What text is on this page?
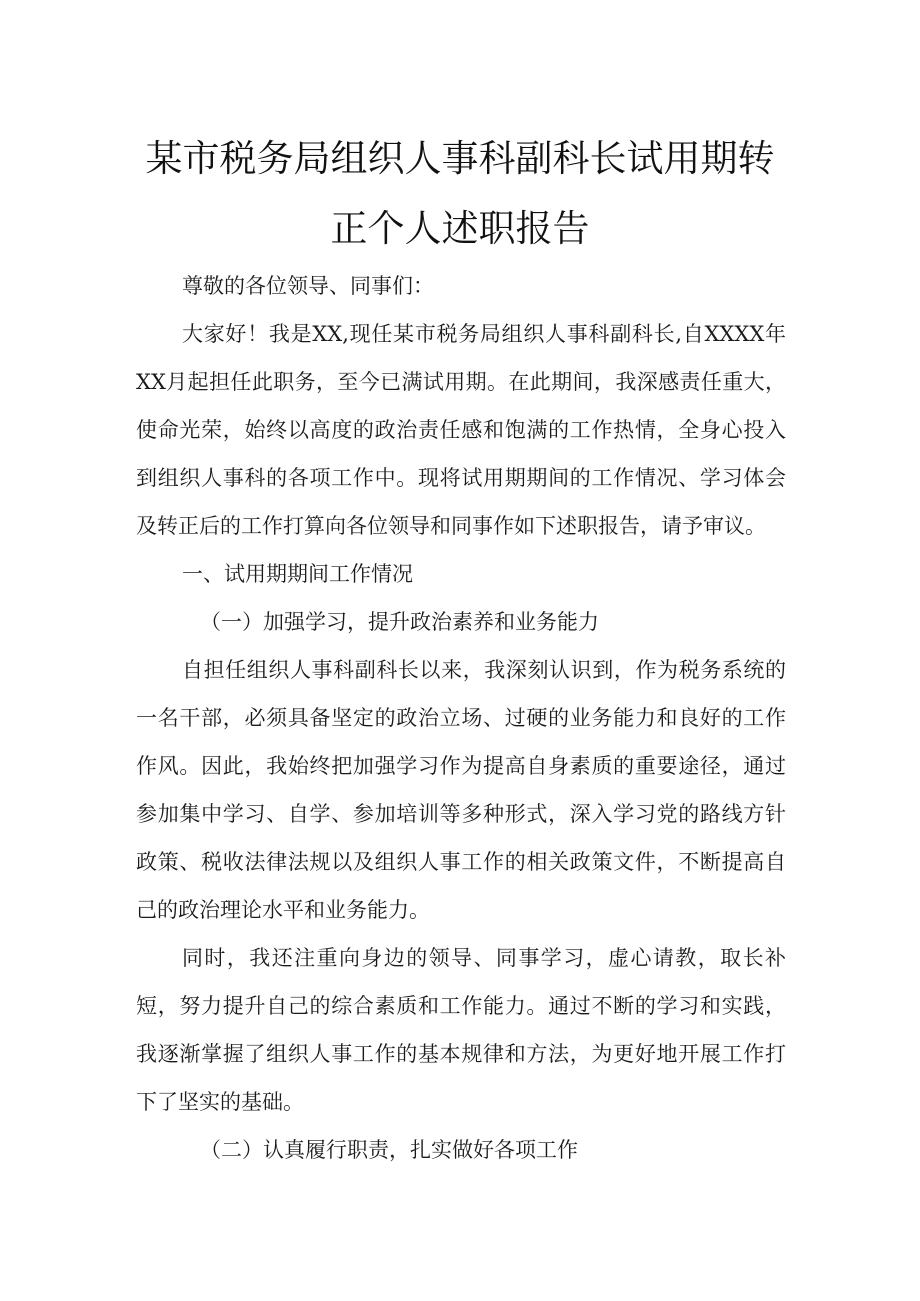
某市税务局组织人事科副科长试用期转
正个人述职报告

尊敬的各位领导、同事们：

大家好！我是XX,现任某市税务局组织人事科副科长,自XXXX年XX月起担任此职务，至今已满试用期。在此期间，我深感责任重大，使命光荣，始终以高度的政治责任感和饱满的工作热情，全身心投入到组织人事科的各项工作中。现将试用期期间的工作情况、学习体会及转正后的工作打算向各位领导和同事作如下述职报告，请予审议。

一、试用期期间工作情况

（一）加强学习，提升政治素养和业务能力

自担任组织人事科副科长以来，我深刻认识到，作为税务系统的一名干部，必须具备坚定的政治立场、过硬的业务能力和良好的工作作风。因此，我始终把加强学习作为提高自身素质的重要途径，通过参加集中学习、自学、参加培训等多种形式，深入学习党的路线方针政策、税收法律法规以及组织人事工作的相关政策文件，不断提高自己的政治理论水平和业务能力。

同时，我还注重向身边的领导、同事学习，虚心请教，取长补短，努力提升自己的综合素质和工作能力。通过不断的学习和实践，我逐渐掌握了组织人事工作的基本规律和方法，为更好地开展工作打下了坚实的基础。

（二）认真履行职责，扎实做好各项工作
